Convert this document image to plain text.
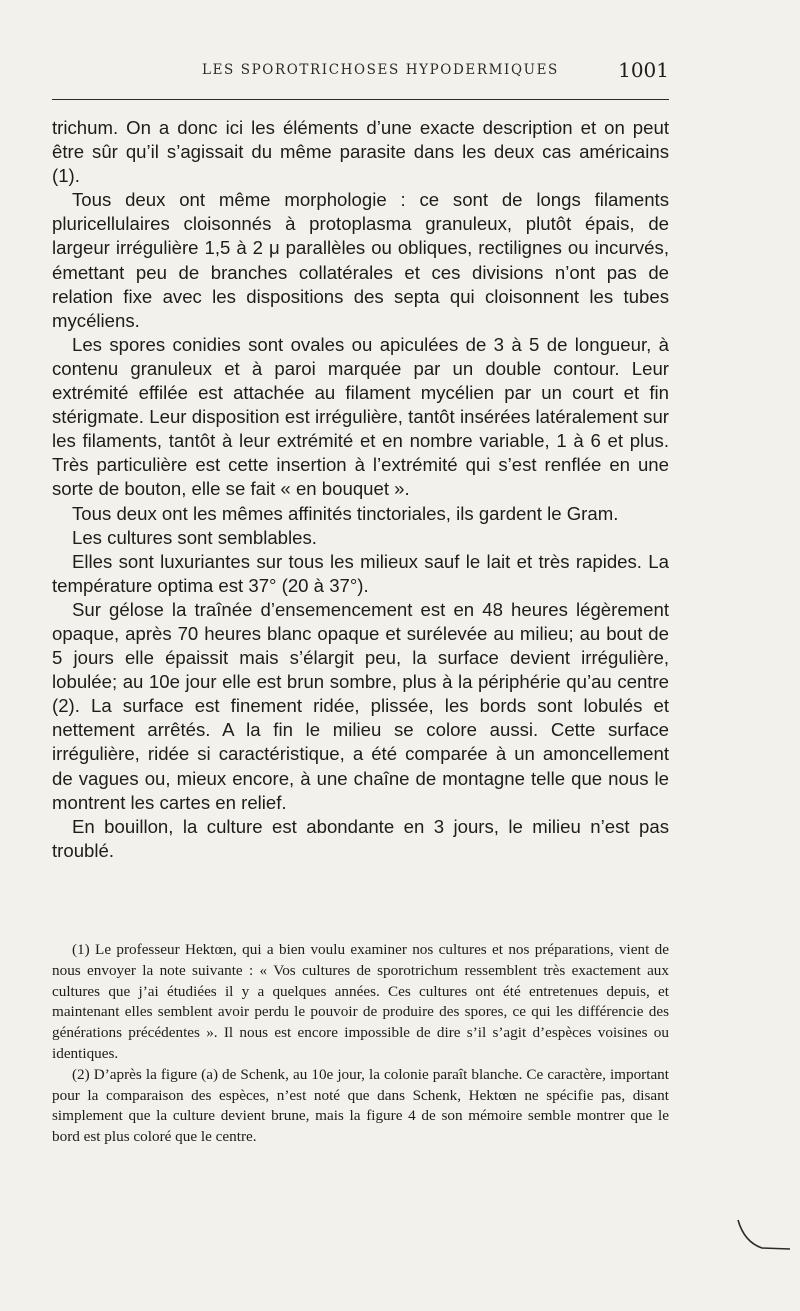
LES SPOROTRICHOSES HYPODERMIQUES	1001

trichum. On a donc ici les éléments d’une exacte description et on peut être sûr qu’il s’agissait du même parasite dans les deux cas américains (1).

Tous deux ont même morphologie : ce sont de longs filaments pluricellulaires cloisonnés à protoplasma granuleux, plutôt épais, de largeur irrégulière 1,5 à 2 μ parallèles ou obliques, rectilignes ou incurvés, émettant peu de branches collatérales et ces divisions n’ont pas de relation fixe avec les dispositions des septa qui cloisonnent les tubes mycéliens.

Les spores conidies sont ovales ou apiculées de 3 à 5 de longueur, à contenu granuleux et à paroi marquée par un double contour. Leur extrémité effilée est attachée au filament mycélien par un court et fin stérigmate. Leur disposition est irrégulière, tantôt insérées latéralement sur les filaments, tantôt à leur extrémité et en nombre variable, 1 à 6 et plus. Très particulière est cette insertion à l’extrémité qui s’est renflée en une sorte de bouton, elle se fait « en bouquet ».

Tous deux ont les mêmes affinités tinctoriales, ils gardent le Gram.

Les cultures sont semblables.

Elles sont luxuriantes sur tous les milieux sauf le lait et très rapides. La température optima est 37° (20 à 37°).

Sur gélose la traînée d’ensemencement est en 48 heures légèrement opaque, après 70 heures blanc opaque et surélevée au milieu; au bout de 5 jours elle épaissit mais s’élargit peu, la surface devient irrégulière, lobulée; au 10e jour elle est brun sombre, plus à la périphérie qu’au centre (2). La surface est finement ridée, plissée, les bords sont lobulés et nettement arrêtés. A la fin le milieu se colore aussi. Cette surface irrégulière, ridée si caractéristique, a été comparée à un amoncellement de vagues ou, mieux encore, à une chaîne de montagne telle que nous le montrent les cartes en relief.

En bouillon, la culture est abondante en 3 jours, le milieu n’est pas troublé.

(1) Le professeur Hektœn, qui a bien voulu examiner nos cultures et nos préparations, vient de nous envoyer la note suivante : « Vos cultures de sporotrichum ressemblent très exactement aux cultures que j’ai étudiées il y a quelques années. Ces cultures ont été entretenues depuis, et maintenant elles semblent avoir perdu le pouvoir de produire des spores, ce qui les différencie des générations précédentes ». Il nous est encore impossible de dire s’il s’agit d’espèces voisines ou identiques.

(2) D’après la figure (a) de Schenk, au 10e jour, la colonie paraît blanche. Ce caractère, important pour la comparaison des espèces, n’est noté que dans Schenk, Hektœn ne spécifie pas, disant simplement que la culture devient brune, mais la figure 4 de son mémoire semble montrer que le bord est plus coloré que le centre.
